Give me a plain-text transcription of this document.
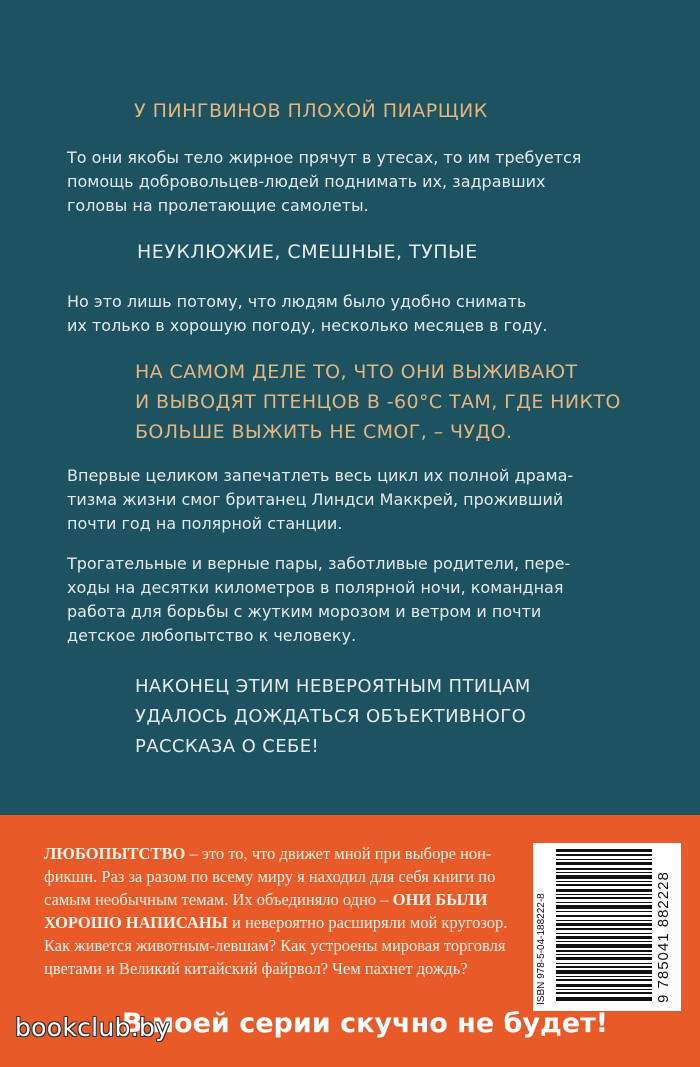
У ПИНГВИНОВ ПЛОХОЙ ПИАРЩИК

То они якобы тело жирное прячут в утесах, то им требуется
помощь добровольцев-людей поднимать их, задравших
головы на пролетающие самолеты.

НЕУКЛЮЖИЕ, СМЕШНЫЕ, ТУПЫЕ

Но это лишь потому, что людям было удобно снимать
их только в хорошую погоду, несколько месяцев в году.

НА САМОМ ДЕЛЕ ТО, ЧТО ОНИ ВЫЖИВАЮТ
И ВЫВОДЯТ ПТЕНЦОВ В -60°C ТАМ, ГДЕ НИКТО
БОЛЬШЕ ВЫЖИТЬ НЕ СМОГ, – ЧУДО.

Впервые целиком запечатлеть весь цикл их полной драма-
тизма жизни смог британец Линдси Маккрей, проживший
почти год на полярной станции.

Трогательные и верные пары, заботливые родители, пере-
ходы на десятки километров в полярной ночи, командная
работа для борьбы с жутким морозом и ветром и почти
детское любопытство к человеку.

НАКОНЕЦ ЭТИМ НЕВЕРОЯТНЫМ ПТИЦАМ
УДАЛОСЬ ДОЖДАТЬСЯ ОБЪЕКТИВНОГО
РАССКАЗА О СЕБЕ!

ЛЮБОПЫТСТВО – это то, что движет мной при выборе нон-фикшн. Раз за разом по всему миру я находил для себя книги по самым необычным темам. Их объединяло одно – ОНИ БЫЛИ ХОРОШО НАПИСАНЫ и невероятно расширяли мой кругозор. Как живется животным-левшам? Как устроены мировая торговля цветами и Великий китайский файрвол? Чем пахнет дождь?	ISBN 978-5-04-188222-8	9 785041 882228
В моей серии скучно не будет!
bookclub.by
